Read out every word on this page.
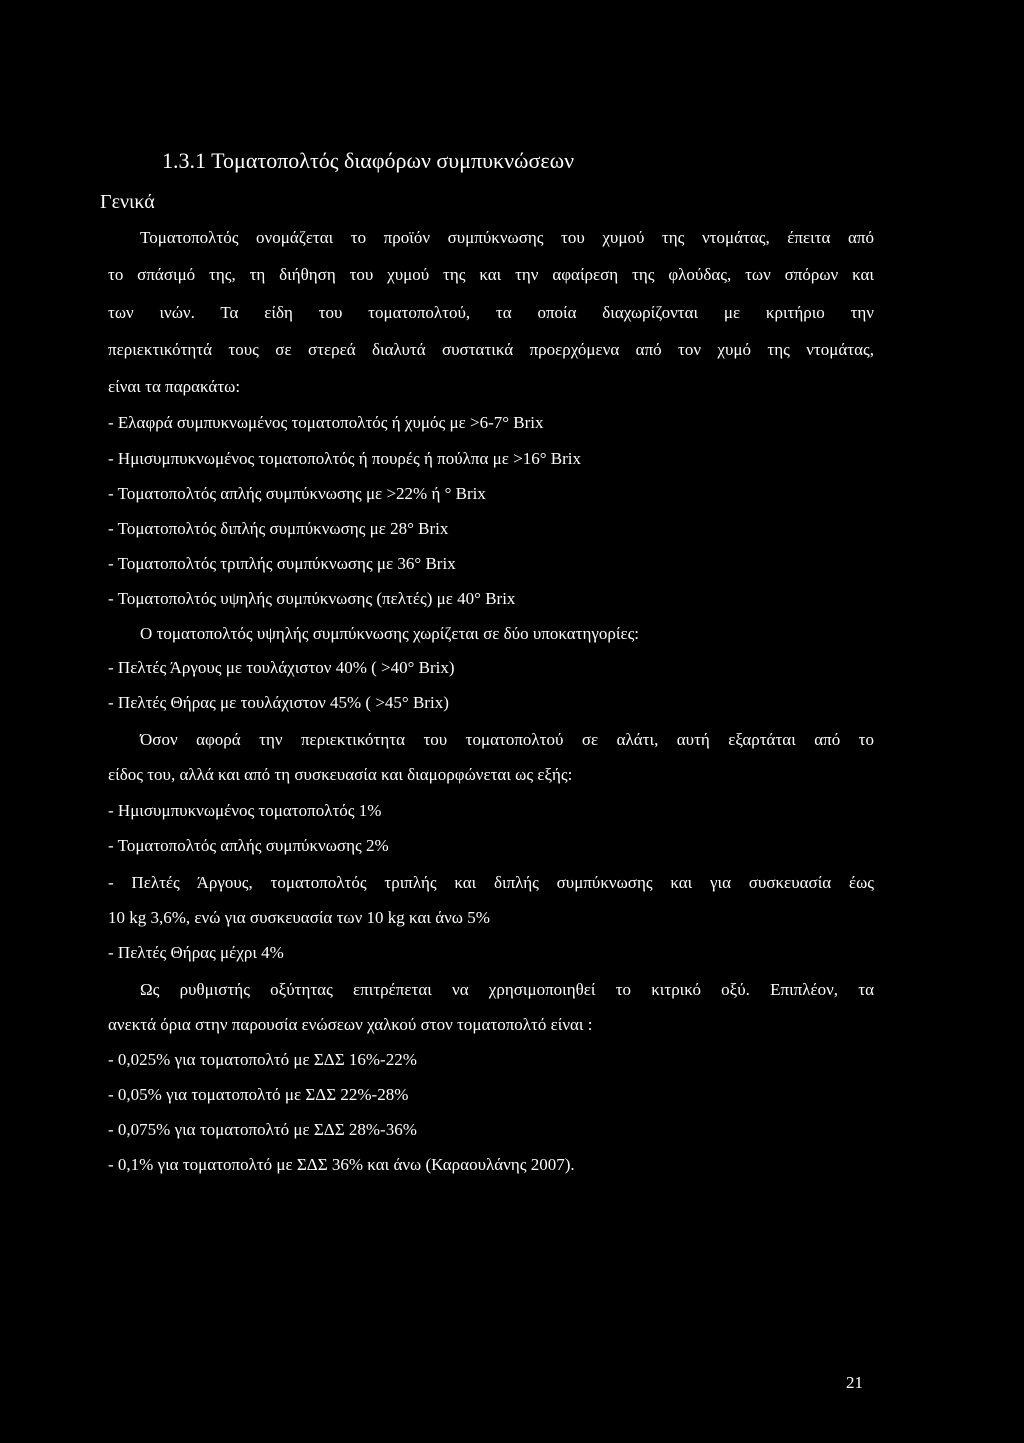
1.3.1 Τοματοπολτός διαφόρων συμπυκνώσεων
Γενικά
Τοματοπολτός ονομάζεται το προϊόν συμπύκνωσης του χυμού της ντομάτας, έπειτα από
το σπάσιμό της, τη διήθηση του χυμού της και την αφαίρεση της φλούδας, των σπόρων και
των ινών. Τα είδη του τοματοπολτού, τα οποία διαχωρίζονται με κριτήριο την
περιεκτικότητά τους σε στερεά διαλυτά συστατικά προερχόμενα από τον χυμό της ντομάτας,
είναι τα παρακάτω:
- Ελαφρά συμπυκνωμένος τοματοπολτός ή χυμός με >6-7° Brix
- Ημισυμπυκνωμένος τοματοπολτός ή πουρές ή πούλπα με >16° Brix
- Τοματοπολτός απλής συμπύκνωσης με >22% ή ° Brix
- Τοματοπολτός διπλής συμπύκνωσης με 28° Brix
- Τοματοπολτός τριπλής συμπύκνωσης με 36° Brix
- Τοματοπολτός υψηλής συμπύκνωσης (πελτές) με 40° Brix
Ο τοματοπολτός υψηλής συμπύκνωσης χωρίζεται σε δύο υποκατηγορίες:
- Πελτές Άργους με τουλάχιστον 40% ( >40° Brix)
- Πελτές Θήρας με τουλάχιστον 45% ( >45° Brix)
Όσον αφορά την περιεκτικότητα του τοματοπολτού σε αλάτι, αυτή εξαρτάται από το
είδος του, αλλά και από τη συσκευασία και διαμορφώνεται ως εξής:
- Ημισυμπυκνωμένος τοματοπολτός 1%
- Τοματοπολτός απλής συμπύκνωσης 2%
- Πελτές Άργους, τοματοπολτός τριπλής και διπλής συμπύκνωσης και για συσκευασία έως
10 kg 3,6%, ενώ για συσκευασία των 10 kg και άνω 5%
- Πελτές Θήρας μέχρι 4%
Ως ρυθμιστής οξύτητας επιτρέπεται να χρησιμοποιηθεί το κιτρικό οξύ. Επιπλέον, τα
ανεκτά όρια στην παρουσία ενώσεων χαλκού στον τοματοπολτό είναι :
- 0,025% για τοματοπολτό με ΣΔΣ 16%-22%
- 0,05% για τοματοπολτό με ΣΔΣ 22%-28%
- 0,075% για τοματοπολτό με ΣΔΣ 28%-36%
- 0,1% για τοματοπολτό με ΣΔΣ 36% και άνω (Καραουλάνης 2007).
21
